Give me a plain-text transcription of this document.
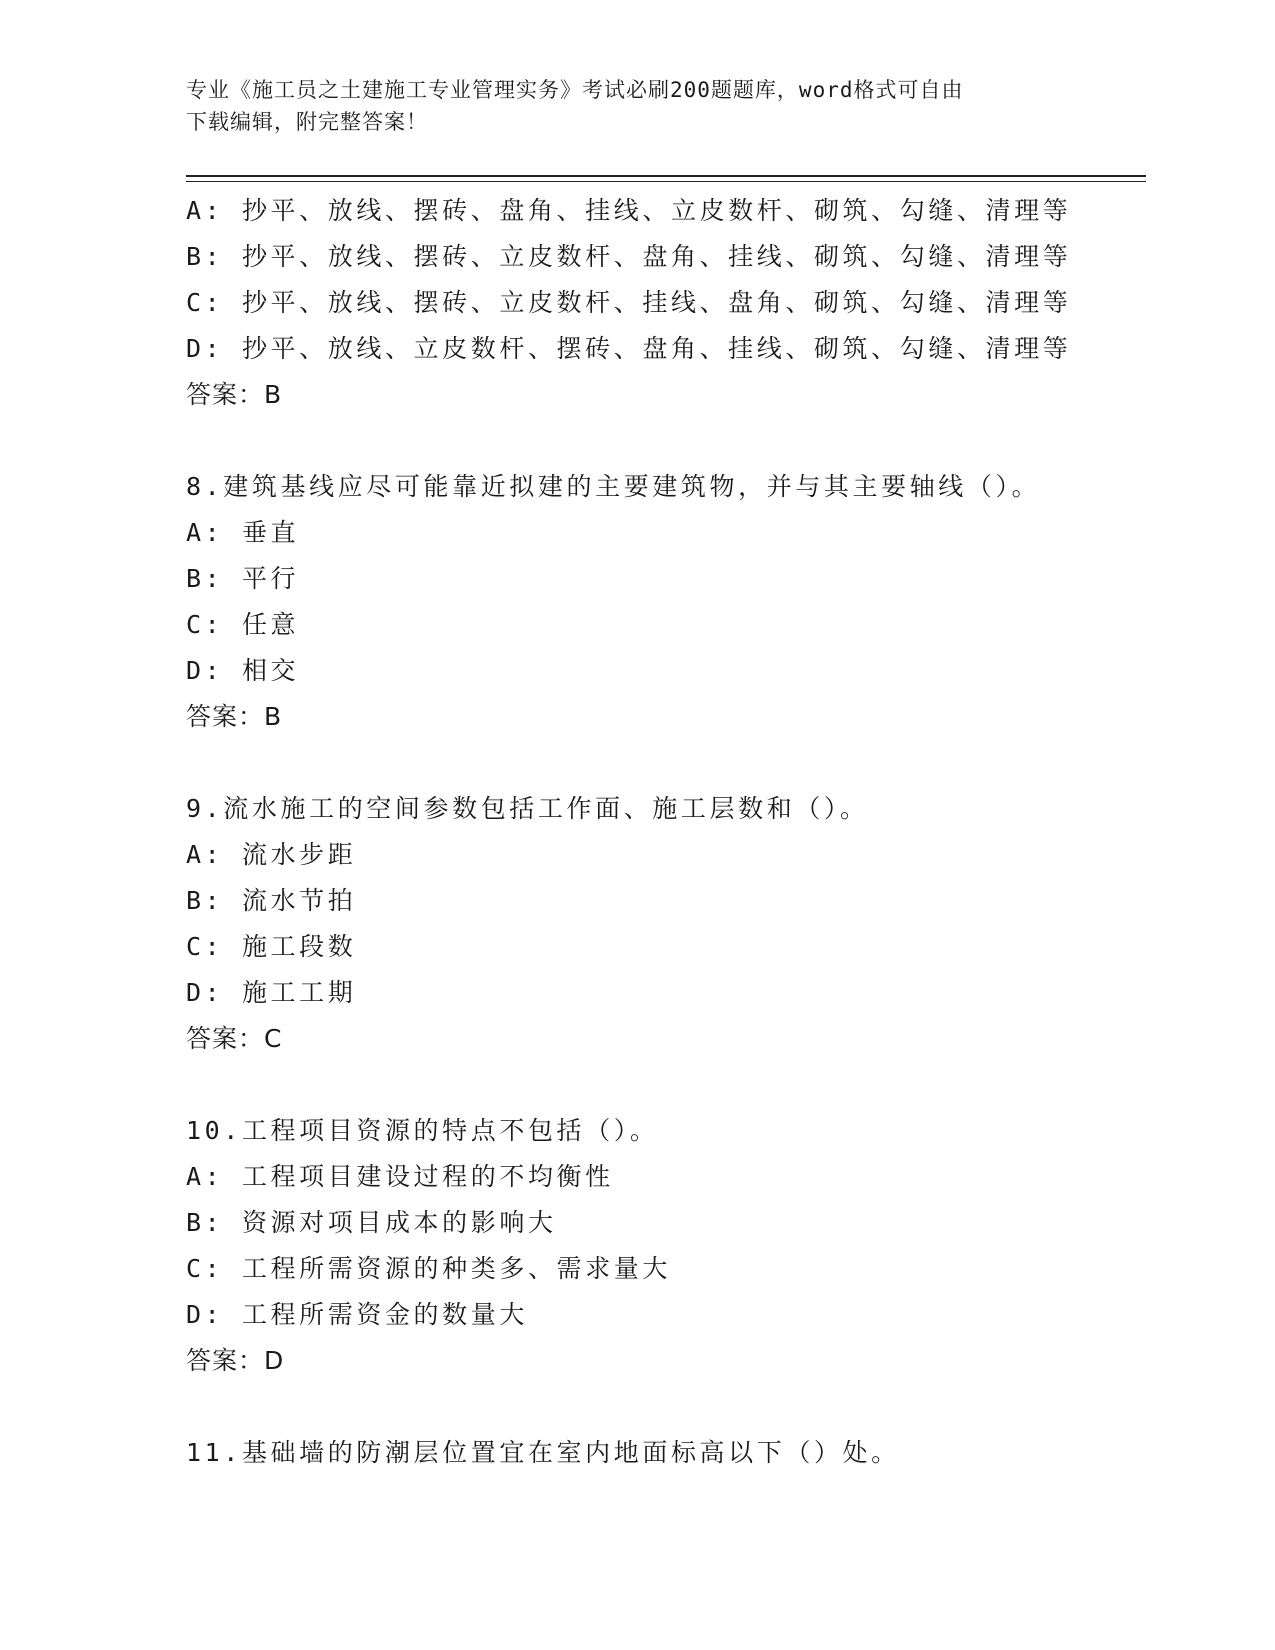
专业《施工员之土建施工专业管理实务》考试必刷200题题库，word格式可自由
下载编辑，附完整答案！
A: 抄平、放线、摆砖、盘角、挂线、立皮数杆、砌筑、勾缝、清理等
B: 抄平、放线、摆砖、立皮数杆、盘角、挂线、砌筑、勾缝、清理等
C: 抄平、放线、摆砖、立皮数杆、挂线、盘角、砌筑、勾缝、清理等
D: 抄平、放线、立皮数杆、摆砖、盘角、挂线、砌筑、勾缝、清理等
答案：B
8.建筑基线应尽可能靠近拟建的主要建筑物，并与其主要轴线（）。
A: 垂直
B: 平行
C: 任意
D: 相交
答案：B
9.流水施工的空间参数包括工作面、施工层数和（）。
A: 流水步距
B: 流水节拍
C: 施工段数
D: 施工工期
答案：C
10.工程项目资源的特点不包括（）。
A: 工程项目建设过程的不均衡性
B: 资源对项目成本的影响大
C: 工程所需资源的种类多、需求量大
D: 工程所需资金的数量大
答案：D
11.基础墙的防潮层位置宜在室内地面标高以下（）处。
